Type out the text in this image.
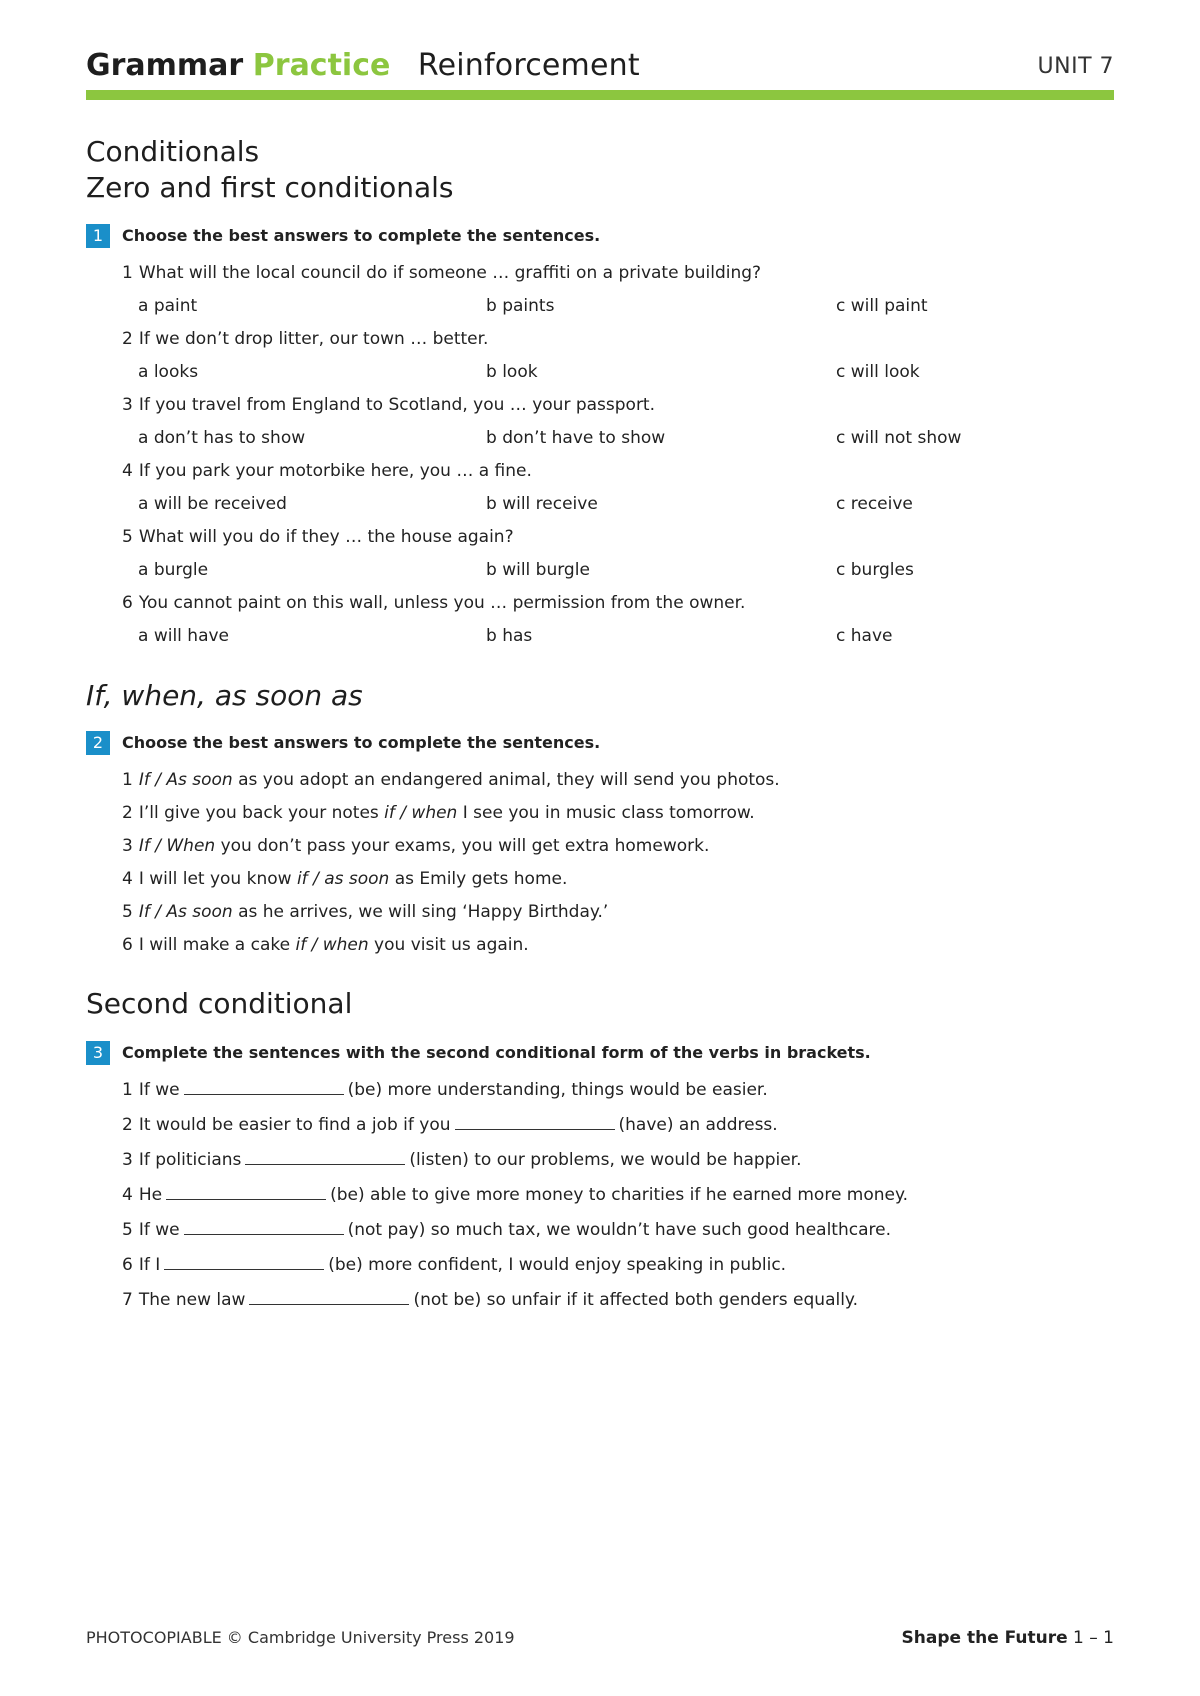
Grammar Practice Reinforcement	UNIT 7
Conditionals
Zero and first conditionals
1 Choose the best answers to complete the sentences.
1 What will the local council do if someone … graffiti on a private building?
a paint	b paints	c will paint
2 If we don’t drop litter, our town … better.
a looks	b look	c will look
3 If you travel from England to Scotland, you … your passport.
a don’t has to show	b don’t have to show	c will not show
4 If you park your motorbike here, you … a fine.
a will be received	b will receive	c receive
5 What will you do if they … the house again?
a burgle	b will burgle	c burgles
6 You cannot paint on this wall, unless you … permission from the owner.
a will have	b has	c have
If, when, as soon as
2 Choose the best answers to complete the sentences.
1 If / As soon as you adopt an endangered animal, they will send you photos.
2 I’ll give you back your notes if / when I see you in music class tomorrow.
3 If / When you don’t pass your exams, you will get extra homework.
4 I will let you know if / as soon as Emily gets home.
5 If / As soon as he arrives, we will sing ‘Happy Birthday.’
6 I will make a cake if / when you visit us again.
Second conditional
3 Complete the sentences with the second conditional form of the verbs in brackets.
1 If we	(be) more understanding, things would be easier.
2 It would be easier to find a job if you	(have) an address.
3 If politicians	(listen) to our problems, we would be happier.
4 He	(be) able to give more money to charities if he earned more money.
5 If we	(not pay) so much tax, we wouldn’t have such good healthcare.
6 If I	(be) more confident, I would enjoy speaking in public.
7 The new law	(not be) so unfair if it affected both genders equally.
PHOTOCOPIABLE © Cambridge University Press 2019	Shape the Future 1 – 1
